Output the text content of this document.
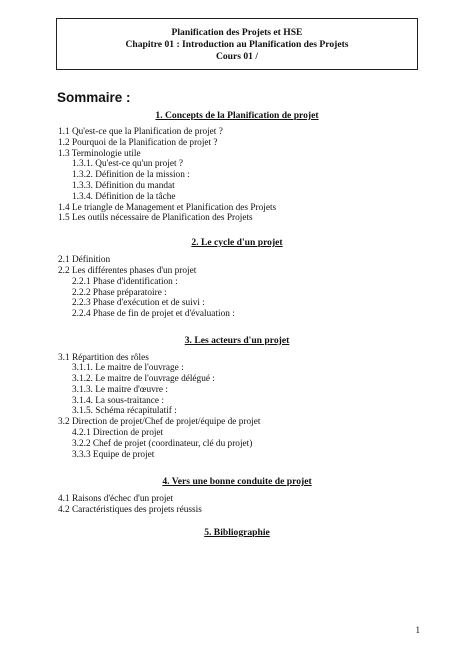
Planification des Projets et HSE
Chapitre 01 : Introduction au Planification des Projets
Cours 01 /
Sommaire :
1. Concepts de la Planification de projet
1.1 Qu'est-ce que la Planification de projet ?
1.2 Pourquoi de la Planification de projet ?
1.3 Terminologie utile
1.3.1. Qu'est-ce qu'un projet ?
1.3.2. Définition de la mission :
1.3.3. Définition du mandat
1.3.4. Définition de la tâche
1.4 Le triangle de Management et Planification des Projets
1.5 Les outils nécessaire de Planification des Projets
2. Le cycle d'un projet
2.1 Définition
2.2 Les différentes phases d'un projet
2.2.1 Phase d'identification :
2.2.2 Phase préparatoire :
2.2.3 Phase d'exécution et de suivi :
2.2.4 Phase de fin de projet et d'évaluation :
3. Les acteurs d'un projet
3.1 Répartition des rôles
3.1.1. Le maitre de l'ouvrage :
3.1.2. Le maitre de l'ouvrage délégué :
3.1.3. Le maitre d'œuvre :
3.1.4. La sous-traitance :
3.1.5. Schéma récapitulatif :
3.2 Direction de projet/Chef de projet/équipe de projet
4.2.1 Direction de projet
3.2.2 Chef de projet (coordinateur, clé du projet)
3.3.3 Equipe de projet
4. Vers une bonne conduite de projet
4.1 Raisons d'échec d'un projet
4.2 Caractéristiques des projets réussis
5. Bibliographie
1
